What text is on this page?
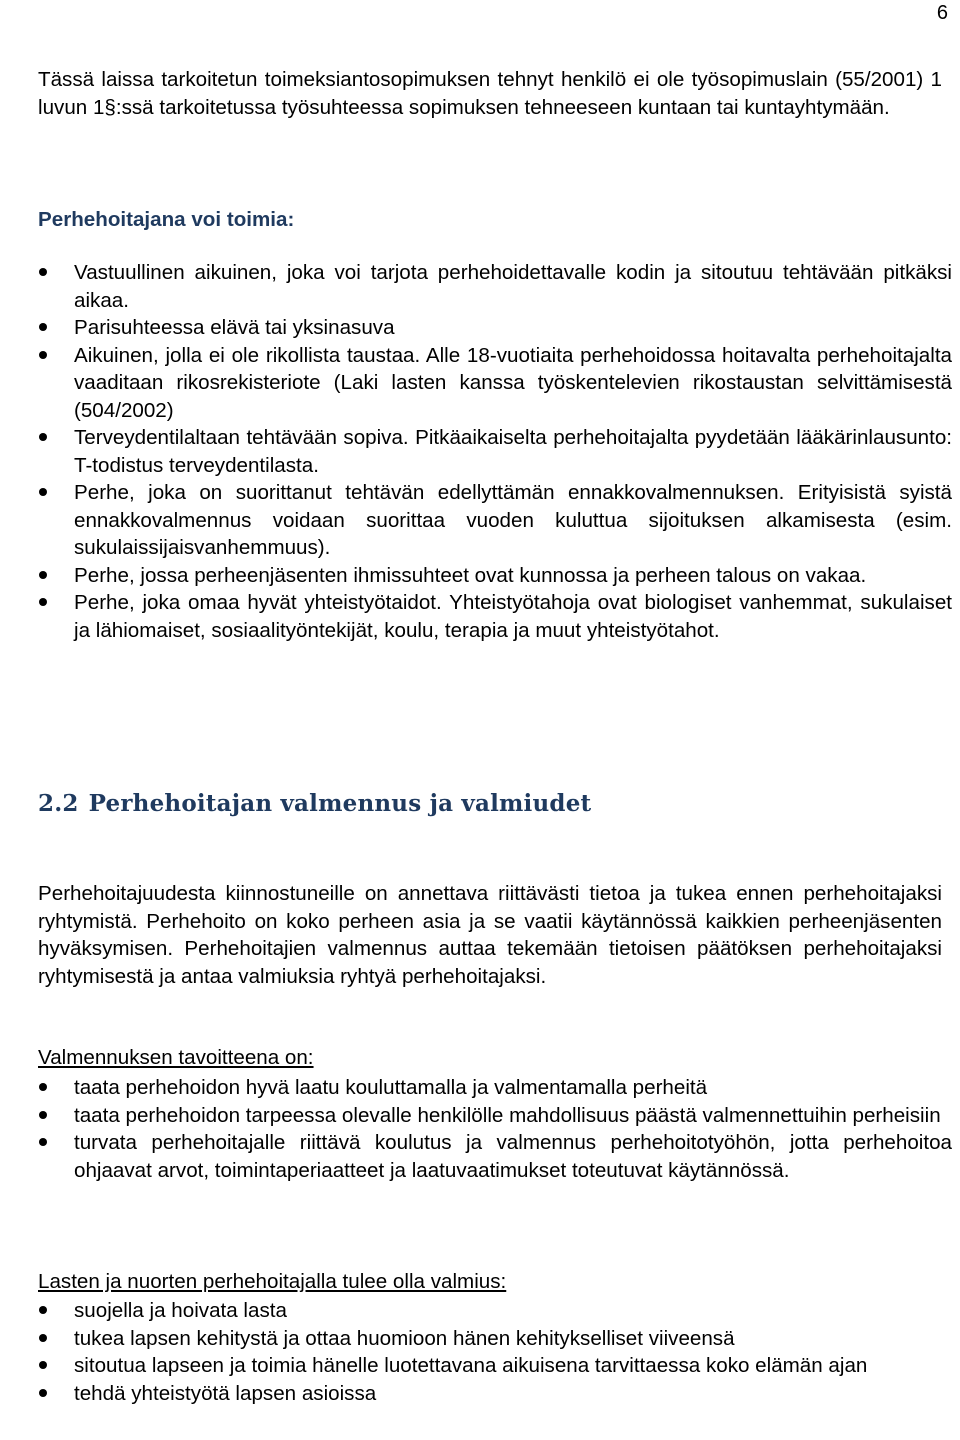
6

Tässä laissa tarkoitetun toimeksiantosopimuksen tehnyt henkilö ei ole työsopimuslain (55/2001) 1 luvun 1§:ssä tarkoitetussa työsuhteessa sopimuksen tehneeseen kuntaan tai kuntayhtymään.

Perhehoitajana voi toimia:
Vastuullinen aikuinen, joka voi tarjota perhehoidettavalle kodin ja sitoutuu tehtävään pitkäksi aikaa.
Parisuhteessa elävä tai yksinasuva
Aikuinen, jolla ei ole rikollista taustaa. Alle 18-vuotiaita perhehoidossa hoitavalta perhehoitajalta vaaditaan rikosrekisteriote (Laki lasten kanssa työskentelevien rikostaustan selvittämisestä (504/2002)
Terveydentilaltaan tehtävään sopiva. Pitkäaikaiselta perhehoitajalta pyydetään lääkärinlausunto: T-todistus terveydentilasta.
Perhe, joka on suorittanut tehtävän edellyttämän ennakkovalmennuksen. Erityisistä syistä ennakkovalmennus voidaan suorittaa vuoden kuluttua sijoituksen alkamisesta (esim. sukulaissijaisvanhemmuus).
Perhe, jossa perheenjäsenten ihmissuhteet ovat kunnossa ja perheen talous on vakaa.
Perhe, joka omaa hyvät yhteistyötaidot. Yhteistyötahoja ovat biologiset vanhemmat, sukulaiset ja lähiomaiset, sosiaalityöntekijät, koulu, terapia ja muut yhteistyötahot.
2.2 Perhehoitajan valmennus ja valmiudet

Perhehoitajuudesta kiinnostuneille on annettava riittävästi tietoa ja tukea ennen perhehoitajaksi ryhtymistä. Perhehoito on koko perheen asia ja se vaatii käytännössä kaikkien perheenjäsenten hyväksymisen. Perhehoitajien valmennus auttaa tekemään tietoisen päätöksen perhehoitajaksi ryhtymisestä ja antaa valmiuksia ryhtyä perhehoitajaksi.

Valmennuksen tavoitteena on:
taata perhehoidon hyvä laatu kouluttamalla ja valmentamalla perheitä
taata perhehoidon tarpeessa olevalle henkilölle mahdollisuus päästä valmennettuihin perheisiin
turvata perhehoitajalle riittävä koulutus ja valmennus perhehoitotyöhön, jotta perhehoitoa ohjaavat arvot, toimintaperiaatteet ja laatuvaatimukset toteutuvat käytännössä.
Lasten ja nuorten perhehoitajalla tulee olla valmius:
suojella ja hoivata lasta
tukea lapsen kehitystä ja ottaa huomioon hänen kehitykselliset viiveensä
sitoutua lapseen ja toimia hänelle luotettavana aikuisena tarvittaessa koko elämän ajan
tehdä yhteistyötä lapsen asioissa
